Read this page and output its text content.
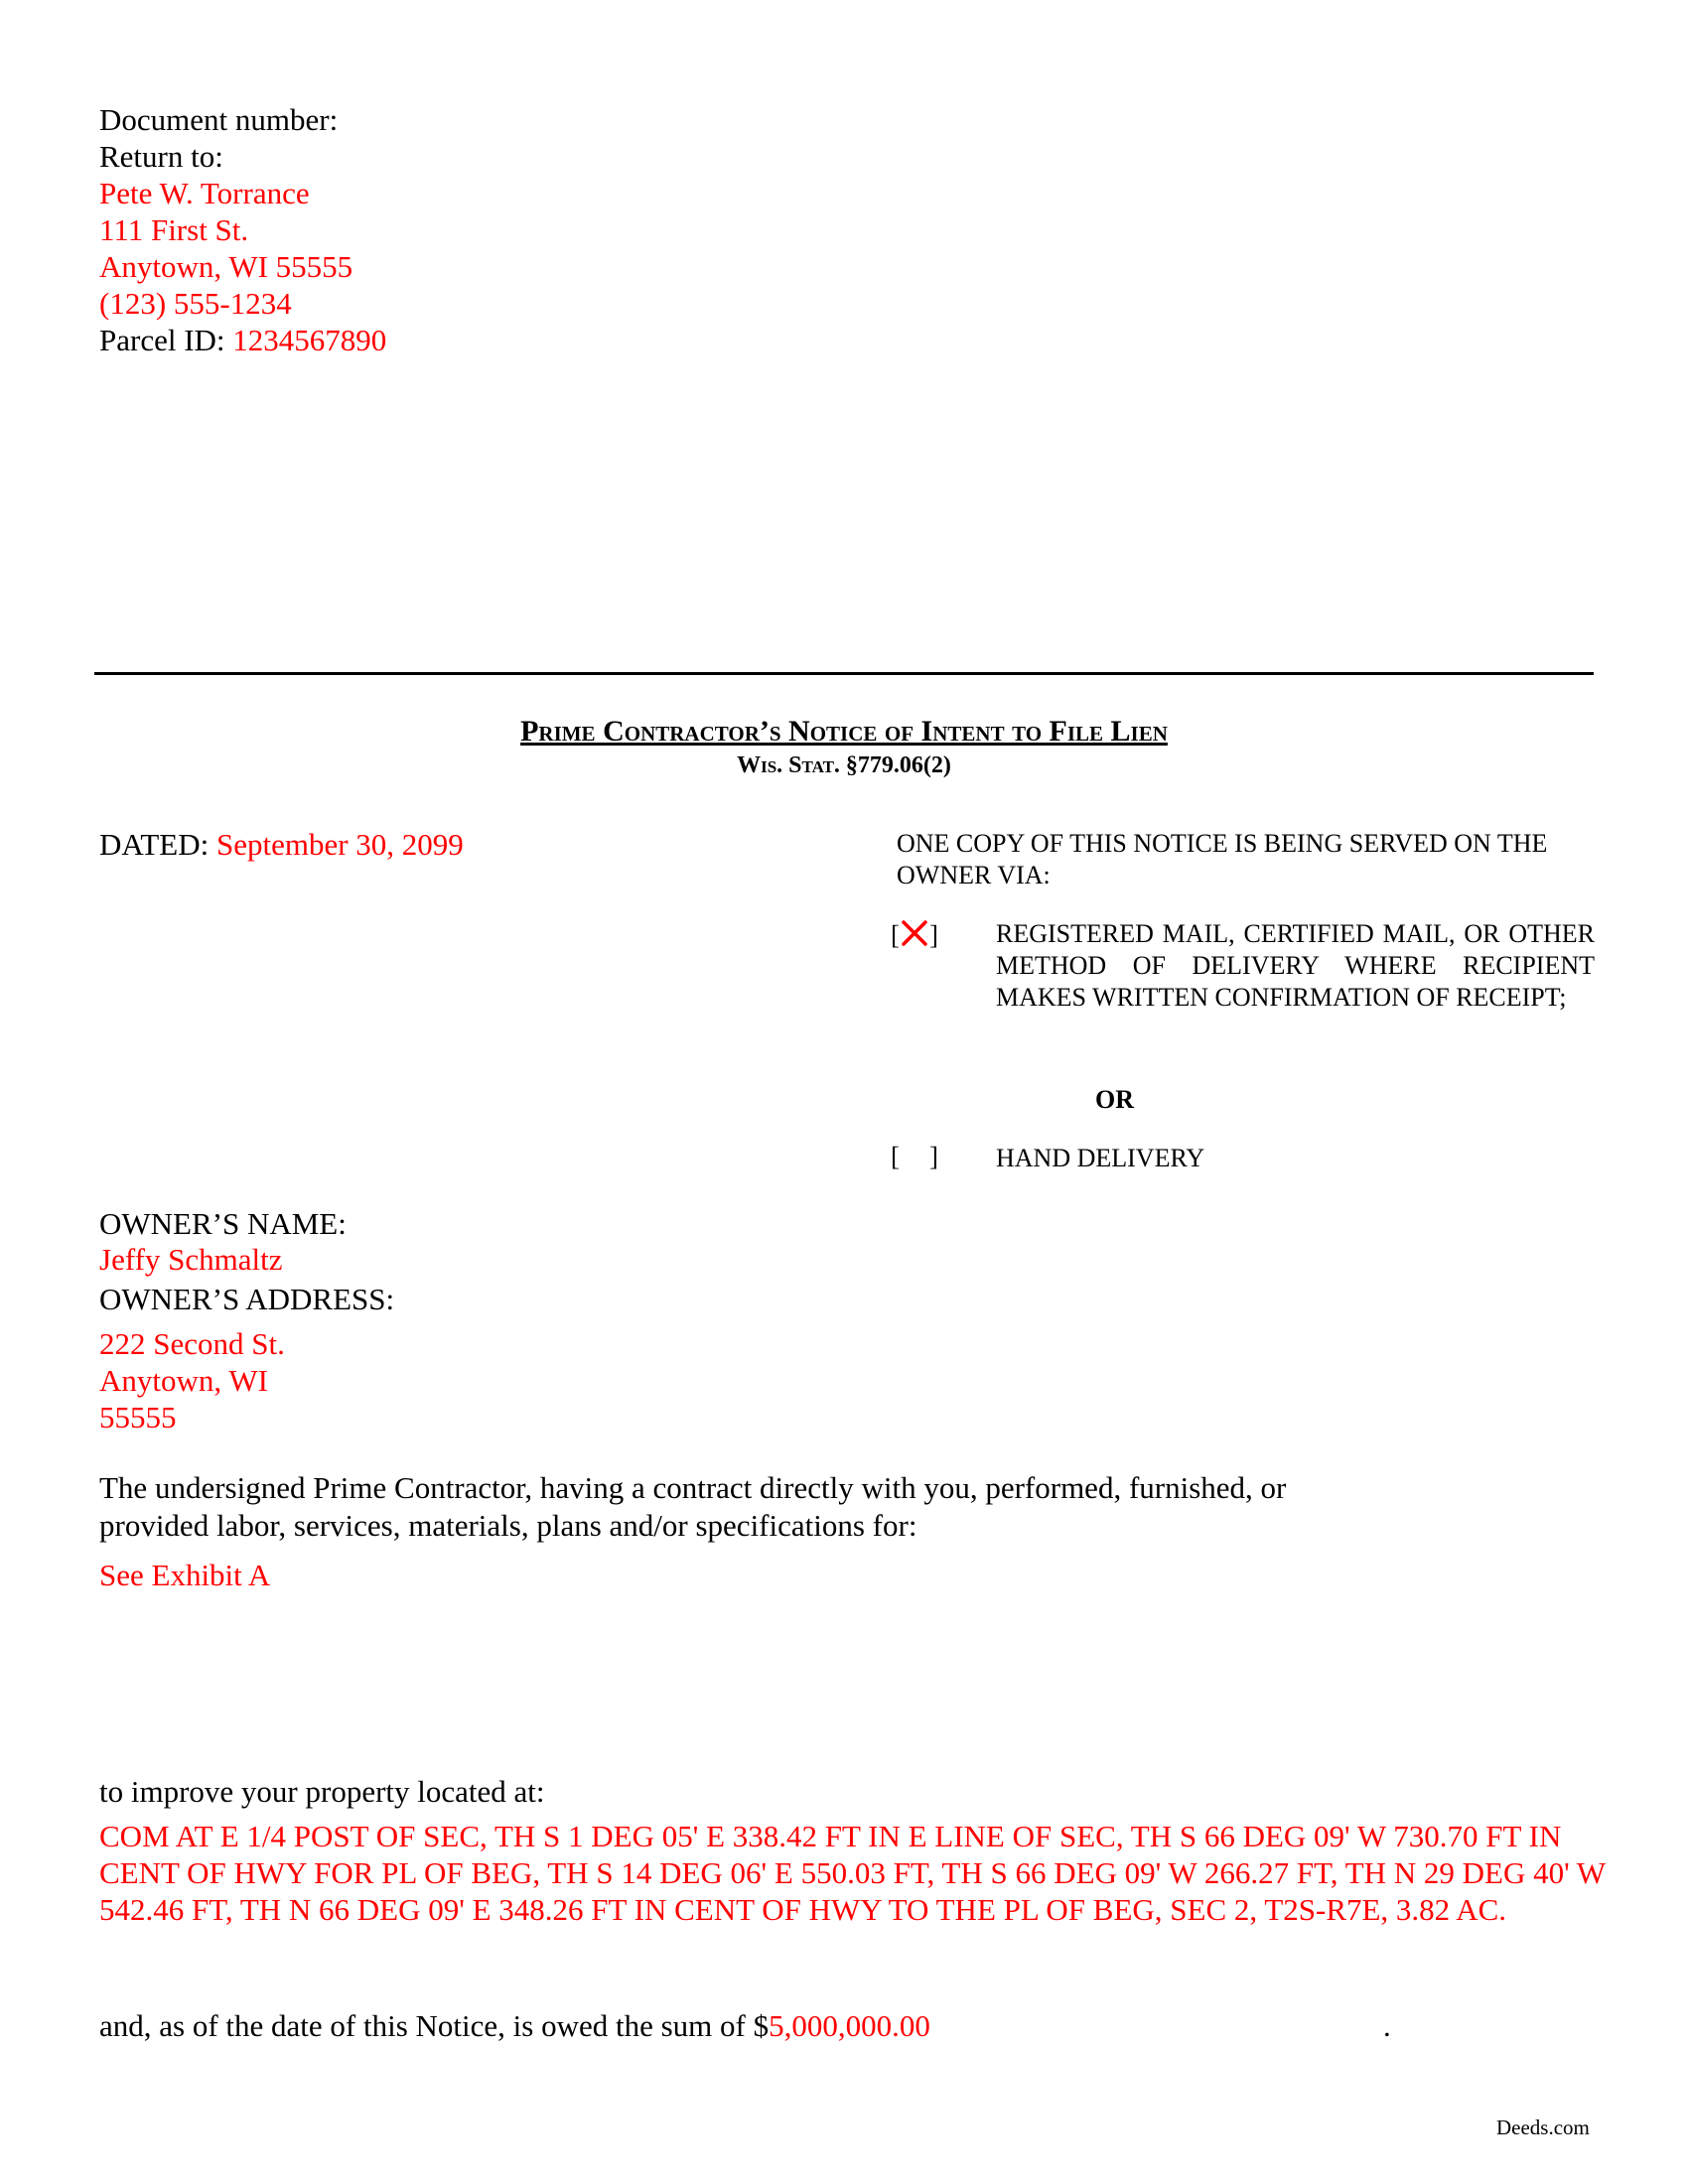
Document number:
Return to:
Pete W. Torrance
111 First St.
Anytown, WI 55555
(123) 555-1234
Parcel ID: 1234567890
Prime Contractor’s Notice of Intent to File Lien
Wis. Stat. §779.06(2)
DATED: September 30, 2099	ONE COPY OF THIS NOTICE IS BEING SERVED ON THE OWNER VIA:
[ ] REGISTERED MAIL, CERTIFIED MAIL, OR OTHER METHOD OF DELIVERY WHERE RECIPIENT MAKES WRITTEN CONFIRMATION OF RECEIPT;
OR
[ ] HAND DELIVERY
OWNER’S NAME:
Jeffy Schmaltz
OWNER’S ADDRESS:
222 Second St.
Anytown, WI
55555
The undersigned Prime Contractor, having a contract directly with you, performed, furnished, or provided labor, services, materials, plans and/or specifications for:
See Exhibit A
to improve your property located at:
COM AT E 1/4 POST OF SEC, TH S 1 DEG 05' E 338.42 FT IN E LINE OF SEC, TH S 66 DEG 09' W 730.70 FT IN CENT OF HWY FOR PL OF BEG, TH S 14 DEG 06' E 550.03 FT, TH S 66 DEG 09' W 266.27 FT, TH N 29 DEG 40' W 542.46 FT, TH N 66 DEG 09' E 348.26 FT IN CENT OF HWY TO THE PL OF BEG, SEC 2, T2S-R7E, 3.82 AC.
and, as of the date of this Notice, is owed the sum of $5,000,000.00	.
Deeds.com
